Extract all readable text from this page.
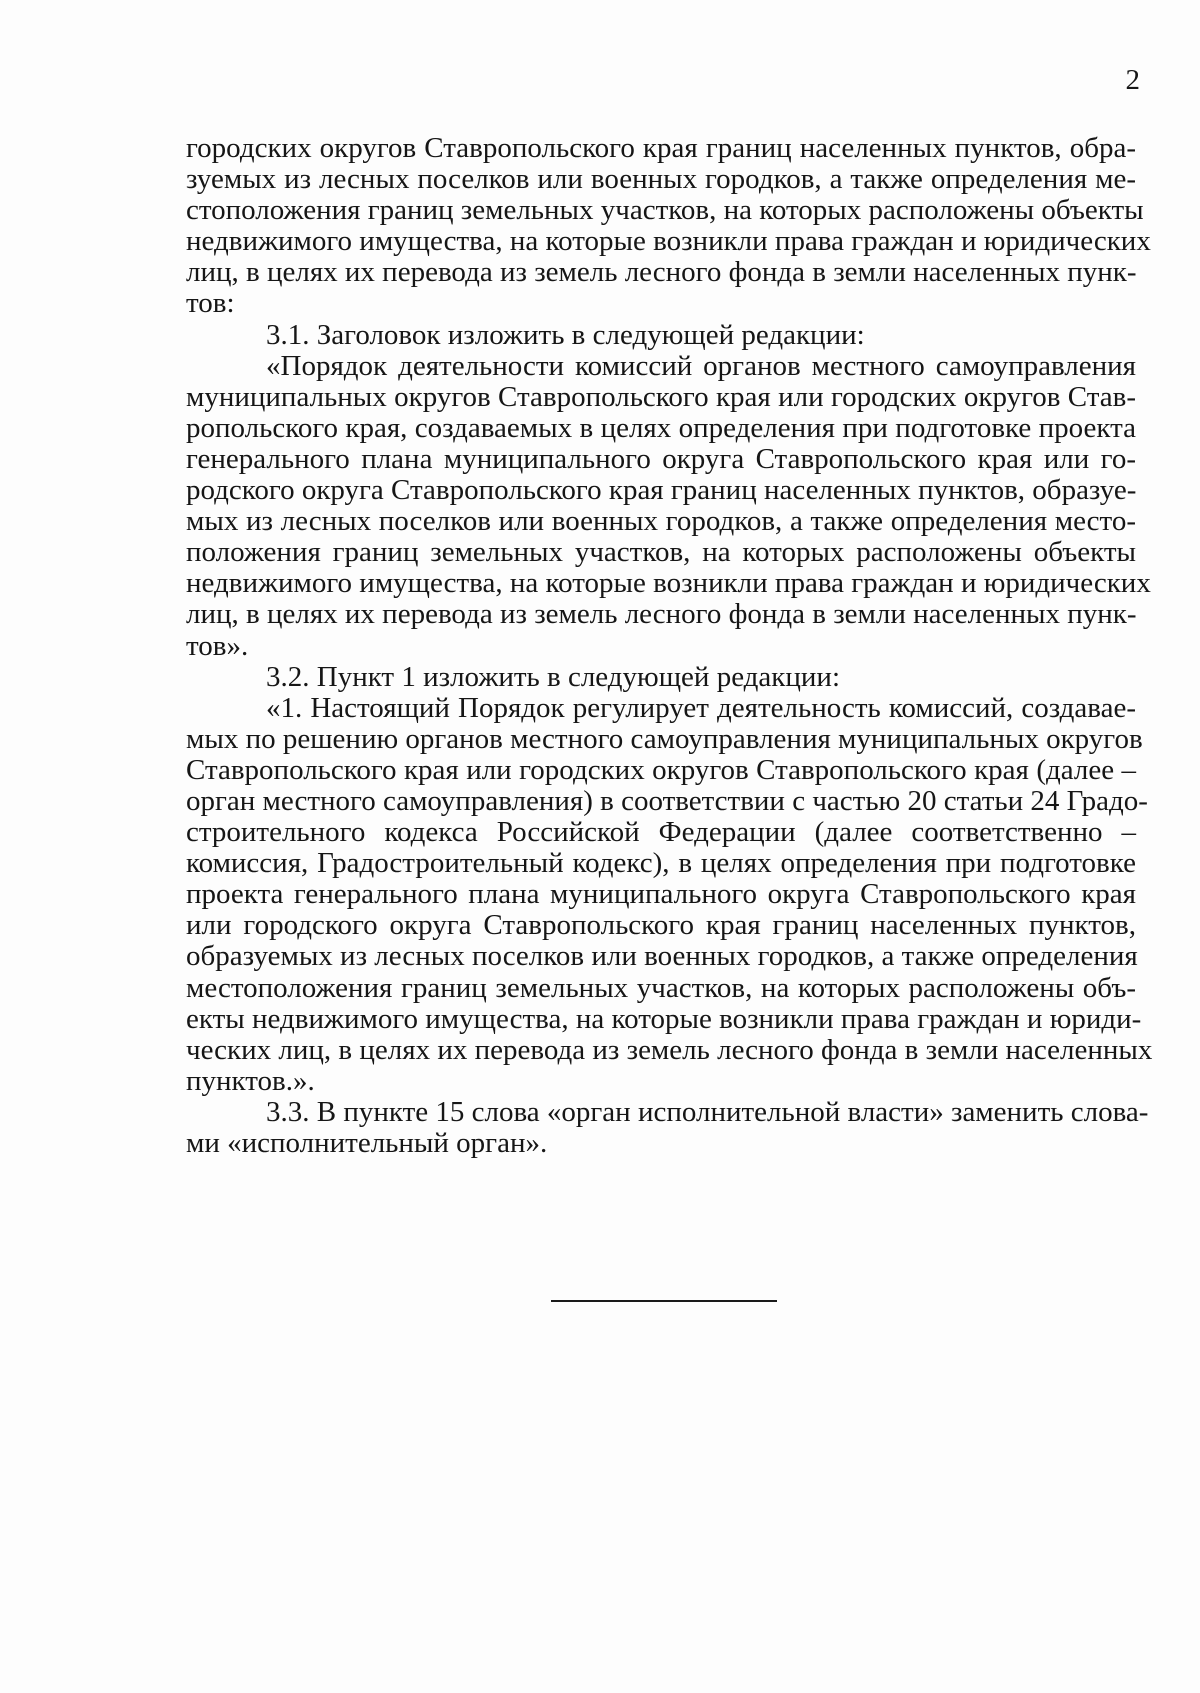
2
городских округов Ставропольского края границ населенных пунктов, обра-
зуемых из лесных поселков или военных городков, а также определения ме-
стоположения границ земельных участков, на которых расположены объекты
недвижимого имущества, на которые возникли права граждан и юридических
лиц, в целях их перевода из земель лесного фонда в земли населенных пунк-
тов:
3.1. Заголовок изложить в следующей редакции:
«Порядок деятельности комиссий органов местного самоуправления
муниципальных округов Ставропольского края или городских округов Став-
ропольского края, создаваемых в целях определения при подготовке проекта
генерального плана муниципального округа Ставропольского края или го-
родского округа Ставропольского края границ населенных пунктов, образуе-
мых из лесных поселков или военных городков, а также определения место-
положения границ земельных участков, на которых расположены объекты
недвижимого имущества, на которые возникли права граждан и юридических
лиц, в целях их перевода из земель лесного фонда в земли населенных пунк-
тов».
3.2. Пункт 1 изложить в следующей редакции:
«1. Настоящий Порядок регулирует деятельность комиссий, создавае-
мых по решению органов местного самоуправления муниципальных округов
Ставропольского края или городских округов Ставропольского края (далее –
орган местного самоуправления) в соответствии с частью 20 статьи 24 Градо-
строительного кодекса Российской Федерации (далее соответственно –
комиссия, Градостроительный кодекс), в целях определения при подготовке
проекта генерального плана муниципального округа Ставропольского края
или городского округа Ставропольского края границ населенных пунктов,
образуемых из лесных поселков или военных городков, а также определения
местоположения границ земельных участков, на которых расположены объ-
екты недвижимого имущества, на которые возникли права граждан и юриди-
ческих лиц, в целях их перевода из земель лесного фонда в земли населенных
пунктов.».
3.3. В пункте 15 слова «орган исполнительной власти» заменить слова-
ми «исполнительный орган».
